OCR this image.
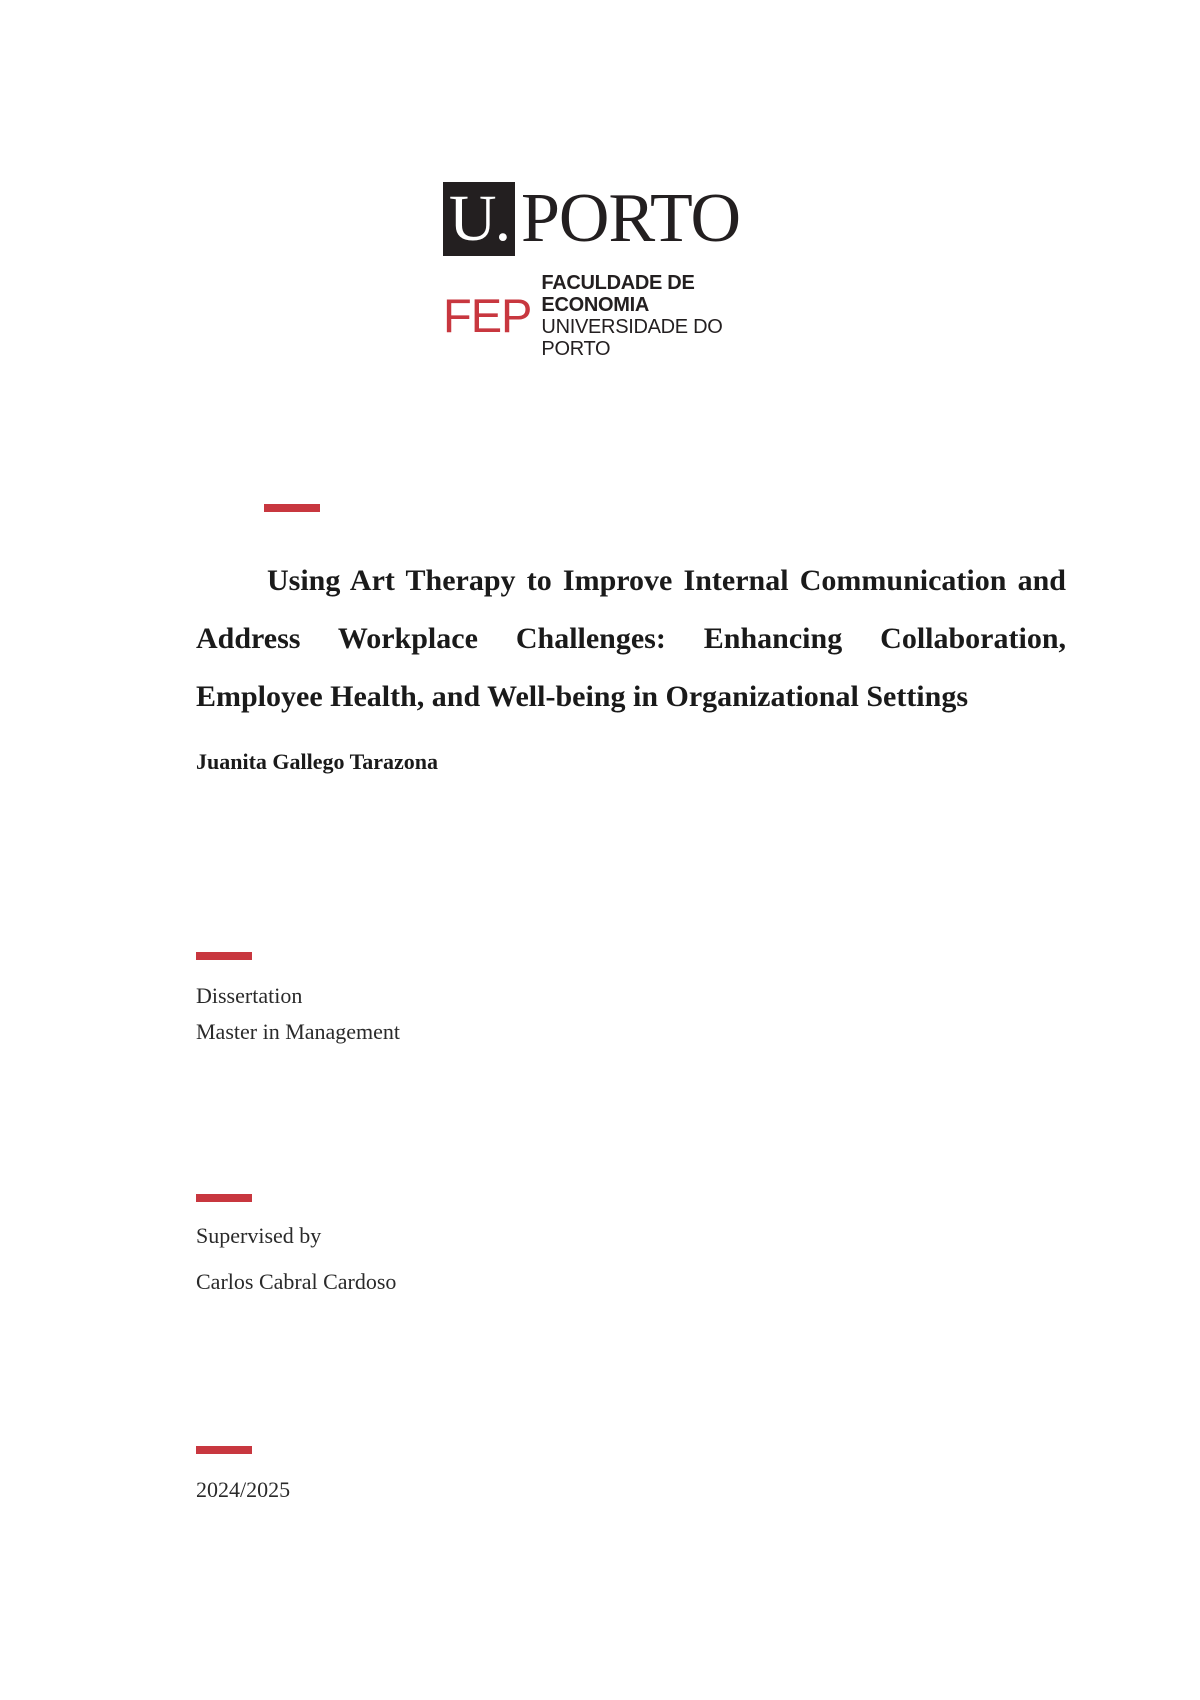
U. PORTO
FEP
FACULDADE DE ECONOMIA
UNIVERSIDADE DO PORTO

Using Art Therapy to Improve Internal Communication and Address Workplace Challenges: Enhancing Collaboration, Employee Health, and Well-being in Organizational Settings

Juanita Gallego Tarazona

Dissertation

Master in Management

Supervised by

Carlos Cabral Cardoso

2024/2025
